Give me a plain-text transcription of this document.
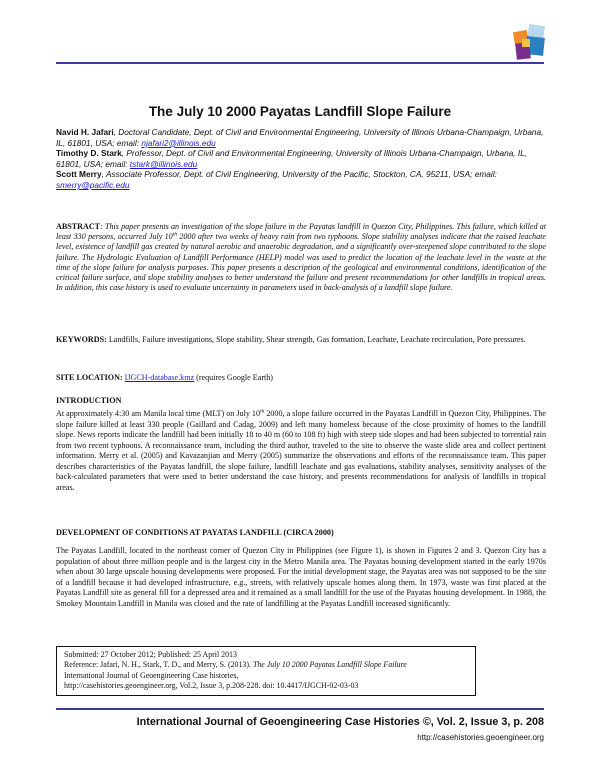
The July 10 2000 Payatas Landfill Slope Failure
Navid H. Jafari, Doctoral Candidate, Dept. of Civil and Environmental Engineering, University of Illinois Urbana-Champaign, Urbana, IL, 61801, USA; email: njafari2@illinois.edu
Timothy D. Stark, Professor, Dept. of Civil and Environmental Engineering, University of Illinois Urbana-Champaign, Urbana, IL, 61801, USA; email: tstark@illinois.edu
Scott Merry, Associate Professor, Dept. of Civil Engineering, University of the Pacific, Stockton, CA, 95211, USA; email: smerry@pacific.edu
ABSTRACT: This paper presents an investigation of the slope failure in the Payatas landfill in Quezon City, Philippines. This failure, which killed at least 330 persons, occurred July 10th 2000 after two weeks of heavy rain from two typhoons. Slope stability analyses indicate that the raised leachate level, existence of landfill gas created by natural aerobic and anaerobic degradation, and a significantly over-steepened slope contributed to the slope failure. The Hydrologic Evaluation of Landfill Performance (HELP) model was used to predict the location of the leachate level in the waste at the time of the slope failure for analysis purposes. This paper presents a description of the geological and environmental conditions, identification of the critical failure surface, and slope stability analyses to better understand the failure and present recommendations for other landfills in tropical areas. In addition, this case history is used to evaluate uncertainty in parameters used in back-analysis of a landfill slope failure.
KEYWORDS: Landfills, Failure investigations, Slope stability, Shear strength, Gas formation, Leachate, Leachate recirculation, Pore pressures.
SITE LOCATION: IJGCH-database.kmz (requires Google Earth)
INTRODUCTION
At approximately 4:30 am Manila local time (MLT) on July 10th 2000, a slope failure occurred in the Payatas Landfill in Quezon City, Philippines. The slope failure killed at least 330 people (Gaillard and Cadag, 2009) and left many homeless because of the close proximity of homes to the landfill slope. News reports indicate the landfill had been initially 18 to 40 m (60 to 108 ft) high with steep side slopes and had been subjected to torrential rain from two recent typhoons. A reconnaissance team, including the third author, traveled to the site to observe the waste slide area and collect pertinent information. Merry et al. (2005) and Kavazanjian and Merry (2005) summarize the observations and efforts of the reconnaissance team. This paper describes characteristics of the Payatas landfill, the slope failure, landfill leachate and gas evaluations, stability analyses, sensitivity analyses of the back-calculated parameters that were used to better understand the case history, and presents recommendations for analysis of landfills in tropical areas.
DEVELOPMENT OF CONDITIONS AT PAYATAS LANDFILL (CIRCA 2000)
The Payatas Landfill, located in the northeast corner of Quezon City in Philippines (see Figure 1), is shown in Figures 2 and 3. Quezon City has a population of about three million people and is the largest city in the Metro Manila area. The Payatas housing development started in the early 1970s when about 30 large upscale housing developments were proposed. For the initial development stage, the Payatas area was not supposed to be the site of a landfill because it had developed infrastructure, e.g., streets, with relatively upscale homes along them. In 1973, waste was first placed at the Payatas Landfill site as general fill for a depressed area and it remained as a small landfill for the use of the Payatas housing development. In 1988, the Smokey Mountain Landfill in Manila was closed and the rate of landfilling at the Payatas Landfill increased significantly.
Submitted: 27 October 2012; Published: 25 April 2013
Reference: Jafari, N. H., Stark, T. D., and Merry, S. (2013). The July 10 2000 Payatas Landfill Slope Failure
International Journal of Geoengineering Case histories,
http://casehistories.geoengineer.org, Vol.2, Issue 3, p.208-228. doi: 10.4417/IJGCH-02-03-03
International Journal of Geoengineering Case Histories ©, Vol. 2, Issue 3, p. 208
http://casehistories.geoengineer.org
